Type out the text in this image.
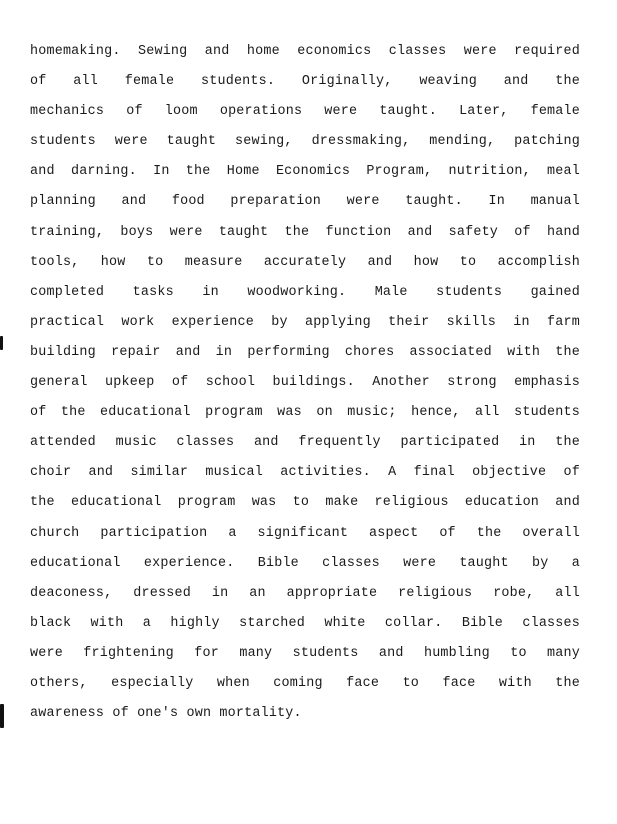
homemaking. Sewing and home economics classes were required
of all female students. Originally, weaving and the
mechanics of loom operations were taught. Later, female
students were taught sewing, dressmaking, mending, patching
and darning. In the Home Economics Program, nutrition, meal
planning and food preparation were taught. In manual
training, boys were taught the function and safety of hand
tools, how to measure accurately and how to accomplish
completed tasks in woodworking. Male students gained
practical work experience by applying their skills in farm
building repair and in performing chores associated with the
general upkeep of school buildings. Another strong emphasis
of the educational program was on music; hence, all students
attended music classes and frequently participated in the
choir and similar musical activities. A final objective of
the educational program was to make religious education and
church participation a significant aspect of the overall
educational experience. Bible classes were taught by a
deaconess, dressed in an appropriate religious robe, all
black with a highly starched white collar. Bible classes
were frightening for many students and humbling to many
others, especially when coming face to face with the
awareness of one's own mortality.
